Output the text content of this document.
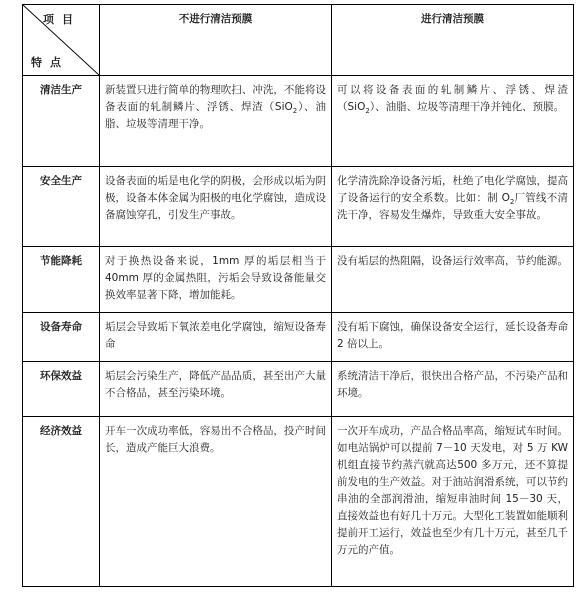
项目
特点	不进行清洁预膜	进行清洁预膜
清洁生产	新装置只进行简单的物理吹扫、冲洗，不能将设备表面的轧制鳞片、浮锈、焊渣（SiO$_2$）、油脂、垃圾等清理干净。	可以将设备表面的轧制鳞片、浮锈、焊渣（SiO$_2$）、油脂、垃圾等清理干净并钝化、预膜。
安全生产	设备表面的垢是电化学的阴极，会形成以垢为阴极，设备本体金属为阳极的电化学腐蚀，造成设备腐蚀穿孔，引发生产事故。	化学清洗除净设备污垢，杜绝了电化学腐蚀，提高了设备运行的安全系数。比如：制 $O_2$厂管线不清洗干净，容易发生爆炸，导致重大安全事故。
节能降耗	对于换热设备来说，1mm 厚的垢层相当于40mm 厚的金属热阻，污垢会导致设备能量交换效率显著下降，增加能耗。	没有垢层的热阻隔，设备运行效率高，节约能源。
设备寿命	垢层会导致垢下氧浓差电化学腐蚀，缩短设备寿命	没有垢下腐蚀，确保设备安全运行，延长设备寿命 2 倍以上。
环保效益	垢层会污染生产，降低产品品质，甚至出产大量不合格品，甚至污染环境。	系统清洁干净后，很快出合格产品，不污染产品和环境。
经济效益	开车一次成功率低，容易出不合格品，投产时间长，造成产能巨大浪费。	一次开车成功，产品合格品率高，缩短试车时间。如电站锅炉可以提前 7－10 天发电，对 5 万 KW 机组直接节约蒸汽就高达500 多万元，还不算提前发电的生产效益。对于油站润滑系统，可以节约串油的全部润滑油，缩短串油时间 15－30 天，直接效益也有好几十万元。大型化工装置如能顺利提前开工运行，效益也至少有几十万元，甚至几千万元的产值。
